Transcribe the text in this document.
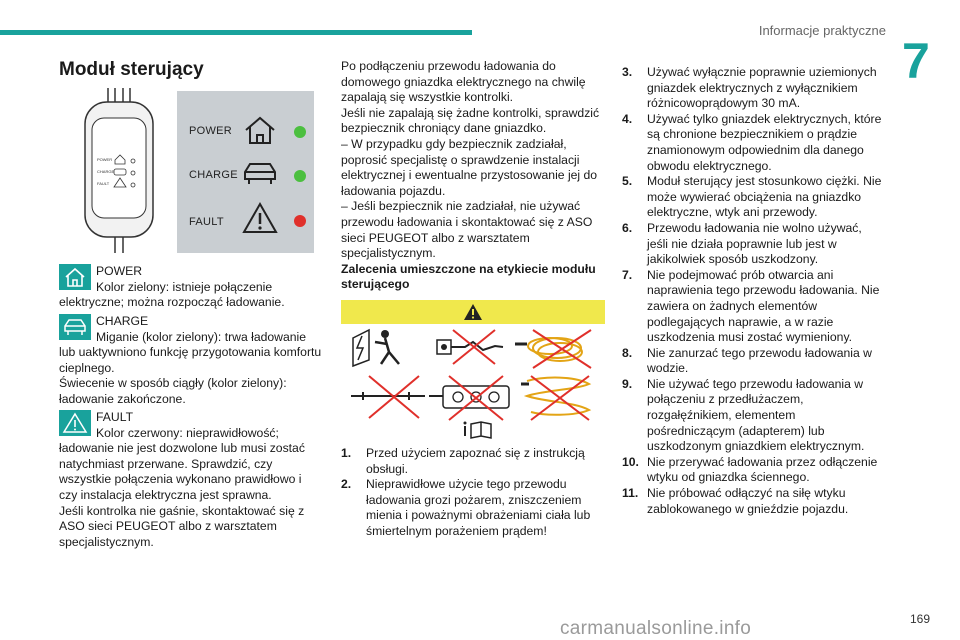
Informacje praktyczne
7
Moduł sterujący
POWER
CHARGE
FAULT
POWER
CHARGE
FAULT
POWER
Kolor zielony: istnieje połączenie
elektryczne; można rozpocząć ładowanie.
CHARGE
Miganie (kolor zielony): trwa ładowanie
lub uaktywniono funkcję przygotowania komfortu cieplnego.
Świecenie w sposób ciągły (kolor zielony): ładowanie zakończone.
FAULT
Kolor czerwony: nieprawidłowość;
ładowanie nie jest dozwolone lub musi zostać natychmiast przerwane. Sprawdzić, czy wszystkie połączenia wykonano prawidłowo i czy instalacja elektryczna jest sprawna.
Jeśli kontrolka nie gaśnie, skontaktować się z ASO sieci PEUGEOT albo z warsztatem specjalistycznym.
Po podłączeniu przewodu ładowania do domowego gniazdka elektrycznego na chwilę zapalają się wszystkie kontrolki.
Jeśli nie zapalają się żadne kontrolki, sprawdzić bezpiecznik chroniący dane gniazdko.
– W przypadku gdy bezpiecznik zadziałał, poprosić specjalistę o sprawdzenie instalacji elektrycznej i ewentualne przystosowanie jej do ładowania pojazdu.
– Jeśli bezpiecznik nie zadziałał, nie używać przewodu ładowania i skontaktować się z ASO sieci PEUGEOT albo z warsztatem specjalistycznym.
Zalecenia umieszczone na etykiecie modułu sterującego
1. Przed użyciem zapoznać się z instrukcją obsługi.
2. Nieprawidłowe użycie tego przewodu ładowania grozi pożarem, zniszczeniem mienia i poważnymi obrażeniami ciała lub śmiertelnym porażeniem prądem!
3. Używać wyłącznie poprawnie uziemionych gniazdek elektrycznych z wyłącznikiem różnicowoprądowym 30 mA.
4. Używać tylko gniazdek elektrycznych, które są chronione bezpiecznikiem o prądzie znamionowym odpowiednim dla danego obwodu elektrycznego.
5. Moduł sterujący jest stosunkowo ciężki. Nie może wywierać obciążenia na gniazdko elektryczne, wtyk ani przewody.
6. Przewodu ładowania nie wolno używać, jeśli nie działa poprawnie lub jest w jakikolwiek sposób uszkodzony.
7. Nie podejmować prób otwarcia ani naprawienia tego przewodu ładowania. Nie zawiera on żadnych elementów podlegających naprawie, a w razie uszkodzenia musi zostać wymieniony.
8. Nie zanurzać tego przewodu ładowania w wodzie.
9. Nie używać tego przewodu ładowania w połączeniu z przedłużaczem, rozgałęźnikiem, elementem pośredniczącym (adapterem) lub uszkodzonym gniazdkiem elektrycznym.
10. Nie przerywać ładowania przez odłączenie wtyku od gniazdka ściennego.
11. Nie próbować odłączyć na siłę wtyku zablokowanego w gnieździe pojazdu.
carmanualsonline.info	169
